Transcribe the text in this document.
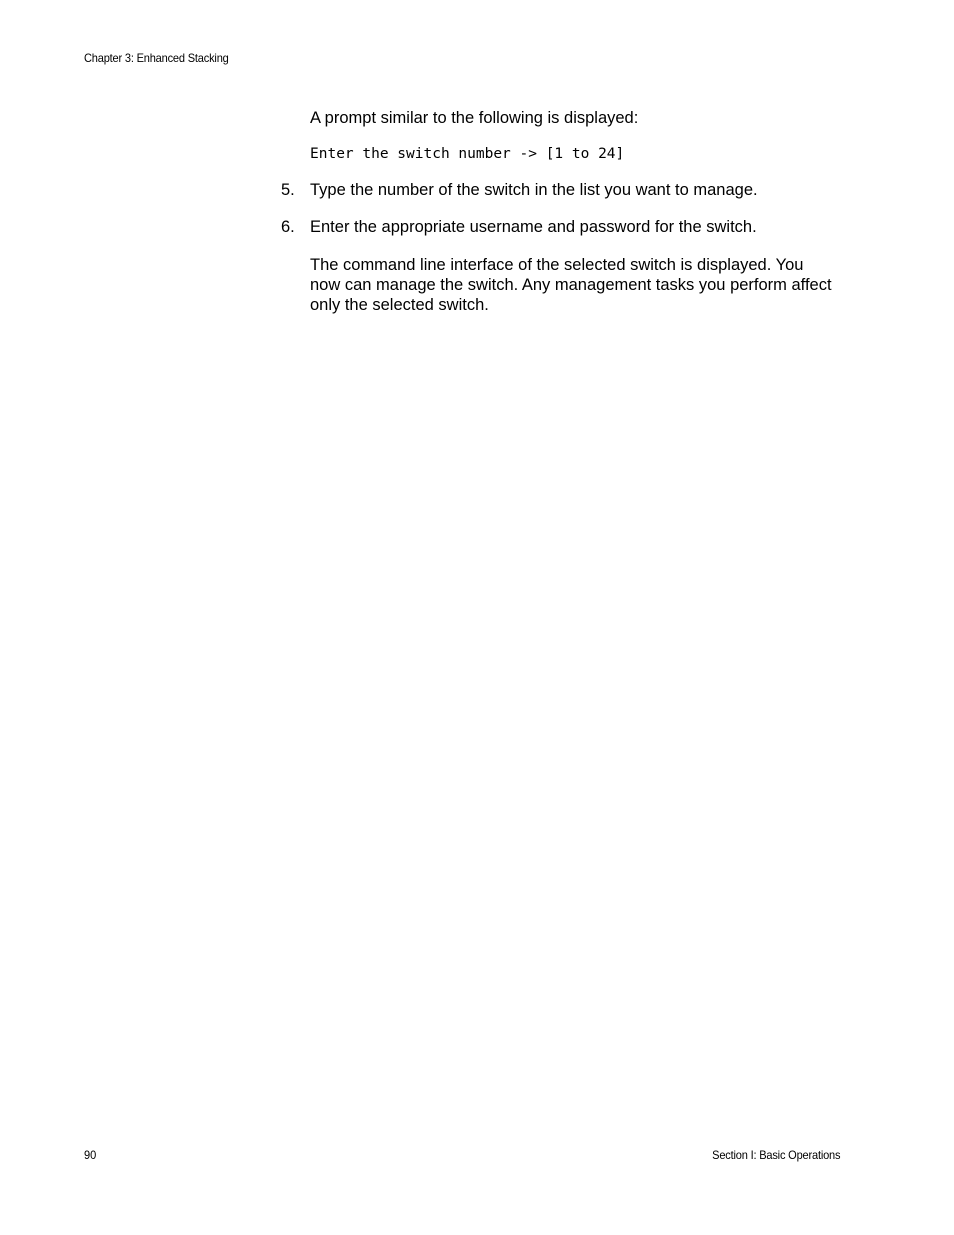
Chapter 3: Enhanced Stacking
A prompt similar to the following is displayed:
Enter the switch number -> [1 to 24]
5. Type the number of the switch in the list you want to manage.
6. Enter the appropriate username and password for the switch.
The command line interface of the selected switch is displayed. You now can manage the switch. Any management tasks you perform affect only the selected switch.
90	Section I: Basic Operations
